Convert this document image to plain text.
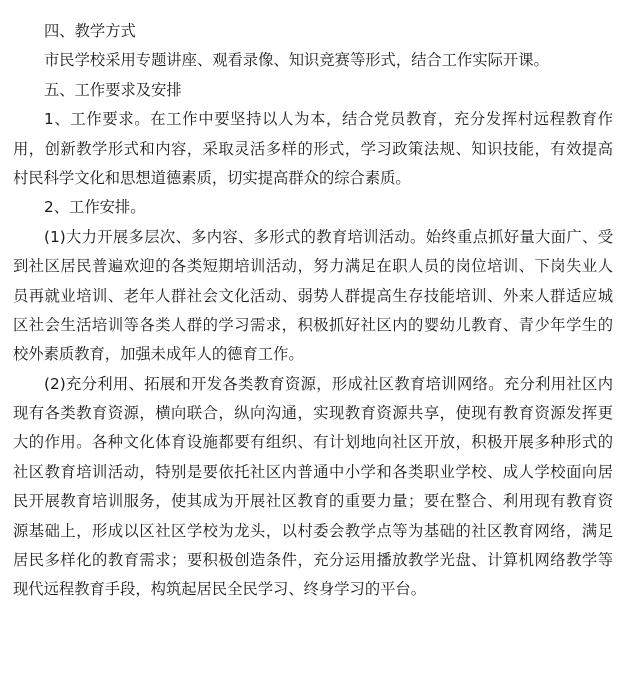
四、教学方式
市民学校采用专题讲座、观看录像、知识竞赛等形式，结合工作实际开课。
五、工作要求及安排
1、工作要求。在工作中要坚持以人为本，结合党员教育，充分发挥村远程教育作
用，创新教学形式和内容，采取灵活多样的形式，学习政策法规、知识技能，有效提高
村民科学文化和思想道德素质，切实提高群众的综合素质。
2、工作安排。
(1)大力开展多层次、多内容、多形式的教育培训活动。始终重点抓好量大面广、受
到社区居民普遍欢迎的各类短期培训活动，努力满足在职人员的岗位培训、下岗失业人
员再就业培训、老年人群社会文化活动、弱势人群提高生存技能培训、外来人群适应城
区社会生活培训等各类人群的学习需求，积极抓好社区内的婴幼儿教育、青少年学生的
校外素质教育，加强未成年人的德育工作。
(2)充分利用、拓展和开发各类教育资源，形成社区教育培训网络。充分利用社区内
现有各类教育资源，横向联合，纵向沟通，实现教育资源共享，使现有教育资源发挥更
大的作用。各种文化体育设施都要有组织、有计划地向社区开放，积极开展多种形式的
社区教育培训活动，特别是要依托社区内普通中小学和各类职业学校、成人学校面向居
民开展教育培训服务，使其成为开展社区教育的重要力量；要在整合、利用现有教育资
源基础上，形成以区社区学校为龙头，以村委会教学点等为基础的社区教育网络，满足
居民多样化的教育需求；要积极创造条件，充分运用播放教学光盘、计算机网络教学等
现代远程教育手段，构筑起居民全民学习、终身学习的平台。
